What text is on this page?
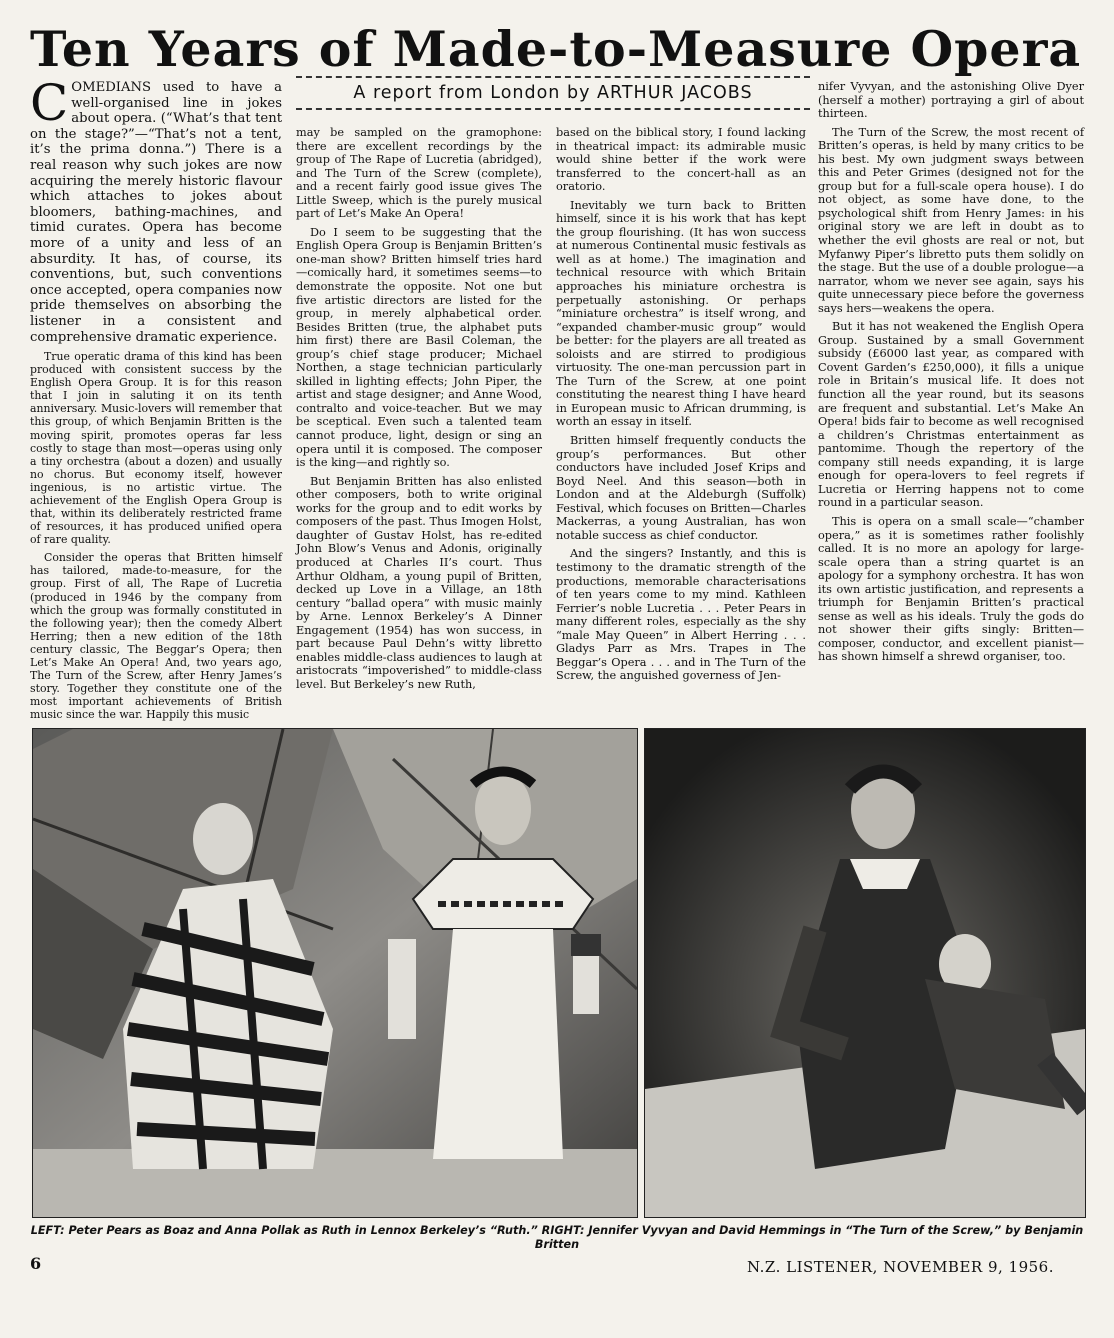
Ten Years of Made-to-Measure Opera
A report from London by ARTHUR JACOBS

COMEDIANS used to have a well-organised line in jokes about opera. (“What’s that tent on the stage?”—“That’s not a tent, it’s the prima donna.”) There is a real reason why such jokes are now acquiring the merely historic flavour which attaches to jokes about bloomers, bathing-machines, and timid curates. Opera has become more of a unity and less of an absurdity. It has, of course, its conventions, but, such conventions once accepted, opera companies now pride themselves on absorbing the listener in a consistent and comprehensive dramatic experience.

True operatic drama of this kind has been produced with consistent success by the English Opera Group. It is for this reason that I join in saluting it on its tenth anniversary. Music-lovers will remember that this group, of which Benjamin Britten is the moving spirit, promotes operas far less costly to stage than most—operas using only a tiny orchestra (about a dozen) and usually no chorus. But economy itself, however ingenious, is no artistic virtue. The achievement of the English Opera Group is that, within its deliberately restricted frame of resources, it has produced unified opera of rare quality.

Consider the operas that Britten himself has tailored, made-to-measure, for the group. First of all, The Rape of Lucretia (produced in 1946 by the company from which the group was formally constituted in the following year); then the comedy Albert Herring; then a new edition of the 18th century classic, The Beggar’s Opera; then Let’s Make An Opera! And, two years ago, The Turn of the Screw, after Henry James’s story. Together they constitute one of the most important achievements of British music since the war. Happily this music

may be sampled on the gramophone: there are excellent recordings by the group of The Rape of Lucretia (abridged), and The Turn of the Screw (complete), and a recent fairly good issue gives The Little Sweep, which is the purely musical part of Let’s Make An Opera!

Do I seem to be suggesting that the English Opera Group is Benjamin Britten’s one-man show? Britten himself tries hard—comically hard, it sometimes seems—to demonstrate the opposite. Not one but five artistic directors are listed for the group, in merely alphabetical order. Besides Britten (true, the alphabet puts him first) there are Basil Coleman, the group’s chief stage producer; Michael Northen, a stage technician particularly skilled in lighting effects; John Piper, the artist and stage designer; and Anne Wood, contralto and voice-teacher. But we may be sceptical. Even such a talented team cannot produce, light, design or sing an opera until it is composed. The composer is the king—and rightly so.

But Benjamin Britten has also enlisted other composers, both to write original works for the group and to edit works by composers of the past. Thus Imogen Holst, daughter of Gustav Holst, has re-edited John Blow’s Venus and Adonis, originally produced at Charles II’s court. Thus Arthur Oldham, a young pupil of Britten, decked up Love in a Village, an 18th century “ballad opera” with music mainly by Arne. Lennox Berkeley’s A Dinner Engagement (1954) has won success, in part because Paul Dehn’s witty libretto enables middle-class audiences to laugh at aristocrats “impoverished” to middle-class level. But Berkeley’s new Ruth,

based on the biblical story, I found lacking in theatrical impact: its admirable music would shine better if the work were transferred to the concert-hall as an oratorio.

Inevitably we turn back to Britten himself, since it is his work that has kept the group flourishing. (It has won success at numerous Continental music festivals as well as at home.) The imagination and technical resource with which Britain approaches his miniature orchestra is perpetually astonishing. Or perhaps “miniature orchestra” is itself wrong, and “expanded chamber-music group” would be better: for the players are all treated as soloists and are stirred to prodigious virtuosity. The one-man percussion part in The Turn of the Screw, at one point constituting the nearest thing I have heard in European music to African drumming, is worth an essay in itself.

Britten himself frequently conducts the group’s performances. But other conductors have included Josef Krips and Boyd Neel. And this season—both in London and at the Aldeburgh (Suffolk) Festival, which focuses on Britten—Charles Mackerras, a young Australian, has won notable success as chief conductor.

And the singers? Instantly, and this is testimony to the dramatic strength of the productions, memorable characterisations of ten years come to my mind. Kathleen Ferrier’s noble Lucretia . . . Peter Pears in many different roles, especially as the shy “male May Queen” in Albert Herring . . . Gladys Parr as Mrs. Trapes in The Beggar’s Opera . . . and in The Turn of the Screw, the anguished governess of Jen-

nifer Vyvyan, and the astonishing Olive Dyer (herself a mother) portraying a girl of about thirteen.

The Turn of the Screw, the most recent of Britten’s operas, is held by many critics to be his best. My own judgment sways between this and Peter Grimes (designed not for the group but for a full-scale opera house). I do not object, as some have done, to the psychological shift from Henry James: in his original story we are left in doubt as to whether the evil ghosts are real or not, but Myfanwy Piper’s libretto puts them solidly on the stage. But the use of a double prologue—a narrator, whom we never see again, says his quite unnecessary piece before the governess says hers—weakens the opera.

But it has not weakened the English Opera Group. Sustained by a small Government subsidy (£6000 last year, as compared with Covent Garden’s £250,000), it fills a unique role in Britain’s musical life. It does not function all the year round, but its seasons are frequent and substantial. Let’s Make An Opera! bids fair to become as well recognised a children’s Christmas entertainment as pantomime. Though the repertory of the company still needs expanding, it is large enough for opera-lovers to feel regrets if Lucretia or Herring happens not to come round in a particular season.

This is opera on a small scale—“chamber opera,” as it is sometimes rather foolishly called. It is no more an apology for large-scale opera than a string quartet is an apology for a symphony orchestra. It has won its own artistic justification, and represents a triumph for Benjamin Britten’s practical sense as well as his ideals. Truly the gods do not shower their gifts singly: Britten—composer, conductor, and excellent pianist—has shown himself a shrewd organiser, too.

LEFT: Peter Pears as Boaz and Anna Pollak as Ruth in Lennox Berkeley’s “Ruth.” RIGHT: Jennifer Vyvyan and David Hemmings in “The Turn of the Screw,” by Benjamin Britten
6	N.Z. LISTENER, NOVEMBER 9, 1956.
